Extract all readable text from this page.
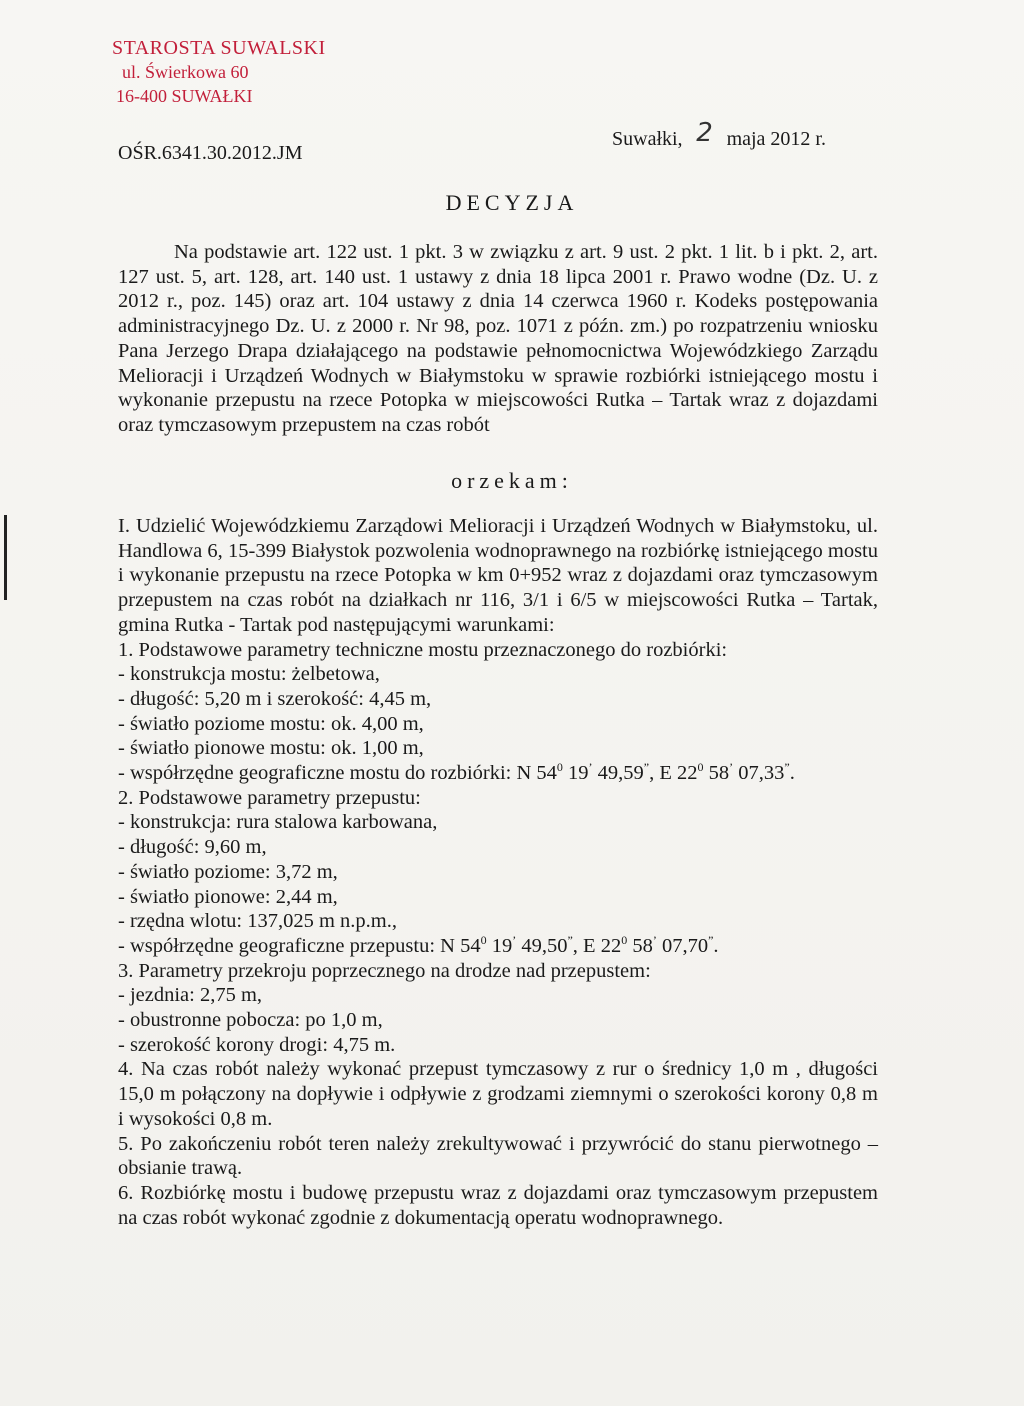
STAROSTA SUWALSKI
ul. Świerkowa 60
16-400 SUWAŁKI
Suwałki, 2 maja 2012 r.
OŚR.6341.30.2012.JM
DECYZJA
Na podstawie art. 122 ust. 1 pkt. 3 w związku z art. 9 ust. 2 pkt. 1 lit. b i pkt. 2, art. 127 ust. 5, art. 128, art. 140 ust. 1 ustawy z dnia 18 lipca 2001 r. Prawo wodne (Dz. U. z 2012 r., poz. 145) oraz art. 104 ustawy z dnia 14 czerwca 1960 r. Kodeks postępowania administracyjnego Dz. U. z 2000 r. Nr 98, poz. 1071 z późn. zm.) po rozpatrzeniu wniosku Pana Jerzego Drapa działającego na podstawie pełnomocnictwa Wojewódzkiego Zarządu Melioracji i Urządzeń Wodnych w Białymstoku w sprawie rozbiórki istniejącego mostu i wykonanie przepustu na rzece Potopka w miejscowości Rutka – Tartak wraz z dojazdami oraz tymczasowym przepustem na czas robót
orzekam:

I. Udzielić Wojewódzkiemu Zarządowi Melioracji i Urządzeń Wodnych w Białymstoku, ul. Handlowa 6, 15-399 Białystok pozwolenia wodnoprawnego na rozbiórkę istniejącego mostu i wykonanie przepustu na rzece Potopka w km 0+952 wraz z dojazdami oraz tymczasowym przepustem na czas robót na działkach nr 116, 3/1 i 6/5 w miejscowości Rutka – Tartak, gmina Rutka - Tartak pod następującymi warunkami:

1. Podstawowe parametry techniczne mostu przeznaczonego do rozbiórki:

- konstrukcja mostu: żelbetowa,

- długość: 5,20 m i szerokość: 4,45 m,

- światło poziome mostu: ok. 4,00 m,

- światło pionowe mostu: ok. 1,00 m,

- współrzędne geograficzne mostu do rozbiórki: N $54^0$ 19’ 49,59”, E $22^0$ 58’ 07,33”.

2. Podstawowe parametry przepustu:

- konstrukcja: rura stalowa karbowana,

- długość: 9,60 m,

- światło poziome: 3,72 m,

- światło pionowe: 2,44 m,

- rzędna wlotu: 137,025 m n.p.m.,

- współrzędne geograficzne przepustu: N $54^0$ 19’ 49,50”, E $22^0$ 58’ 07,70”.

3. Parametry przekroju poprzecznego na drodze nad przepustem:

- jezdnia: 2,75 m,

- obustronne pobocza: po 1,0 m,

- szerokość korony drogi: 4,75 m.

4. Na czas robót należy wykonać przepust tymczasowy z rur o średnicy 1,0 m , długości 15,0 m połączony na dopływie i odpływie z grodzami ziemnymi o szerokości korony 0,8 m i wysokości 0,8 m.

5. Po zakończeniu robót teren należy zrekultywować i przywrócić do stanu pierwotnego – obsianie trawą.

6. Rozbiórkę mostu i budowę przepustu wraz z dojazdami oraz tymczasowym przepustem na czas robót wykonać zgodnie z dokumentacją operatu wodnoprawnego.
